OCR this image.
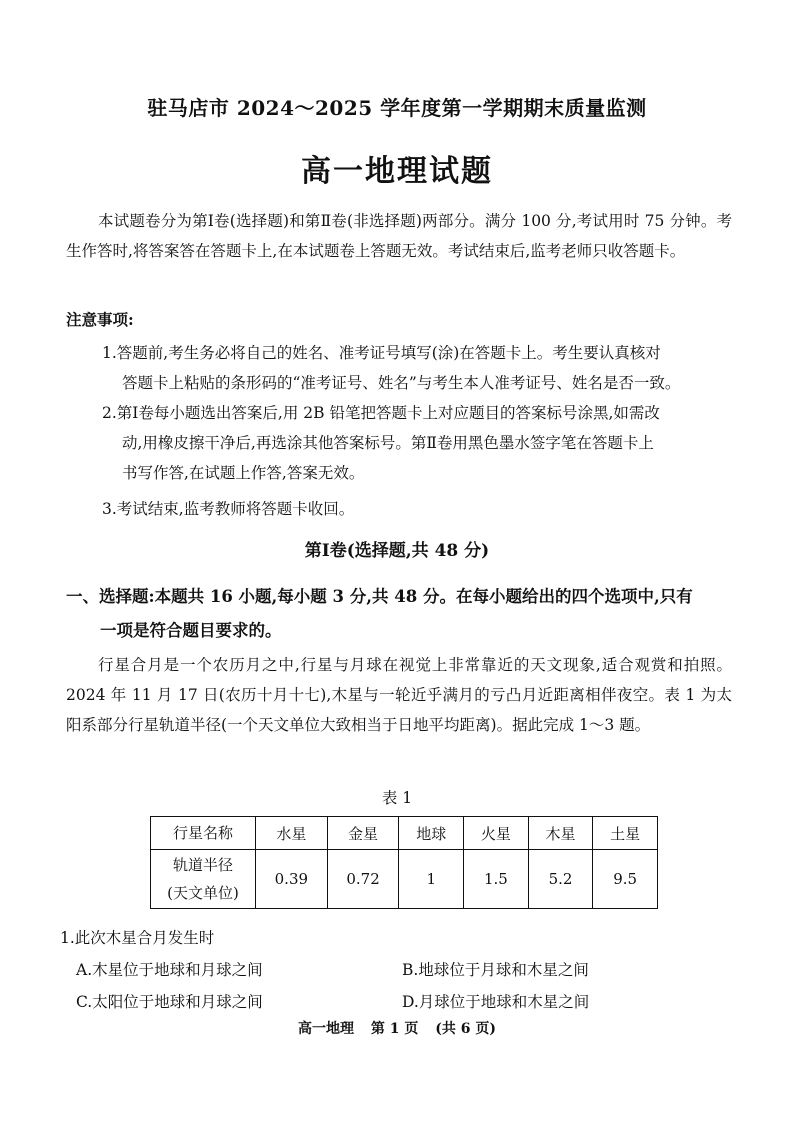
驻马店市 2024～2025 学年度第一学期期末质量监测
高一地理试题
本试题卷分为第Ⅰ卷(选择题)和第Ⅱ卷(非选择题)两部分。满分 100 分,考试用时 75 分钟。考生作答时,将答案答在答题卡上,在本试题卷上答题无效。考试结束后,监考老师只收答题卡。
注意事项:
1.答题前,考生务必将自己的姓名、准考证号填写(涂)在答题卡上。考生要认真核对
答题卡上粘贴的条形码的“准考证号、姓名”与考生本人准考证号、姓名是否一致。
2.第Ⅰ卷每小题选出答案后,用 2B 铅笔把答题卡上对应题目的答案标号涂黑,如需改
动,用橡皮擦干净后,再选涂其他答案标号。第Ⅱ卷用黑色墨水签字笔在答题卡上
书写作答,在试题上作答,答案无效。
3.考试结束,监考教师将答题卡收回。
第Ⅰ卷(选择题,共 48 分)
一、选择题:本题共 16 小题,每小题 3 分,共 48 分。在每小题给出的四个选项中,只有
一项是符合题目要求的。
行星合月是一个农历月之中,行星与月球在视觉上非常靠近的天文现象,适合观赏和拍照。2024 年 11 月 17 日(农历十月十七),木星与一轮近乎满月的亏凸月近距离相伴夜空。表 1 为太阳系部分行星轨道半径(一个天文单位大致相当于日地平均距离)。据此完成 1～3 题。
表 1
行星名称	水星	金星	地球	火星	木星	土星

轨道半径
(天文单位)	0.39	0.72	1	1.5	5.2	9.5
1.此次木星合月发生时
A.木星位于地球和月球之间	B.地球位于月球和木星之间
C.太阳位于地球和月球之间	D.月球位于地球和木星之间
高一地理 第 1 页 (共 6 页)
